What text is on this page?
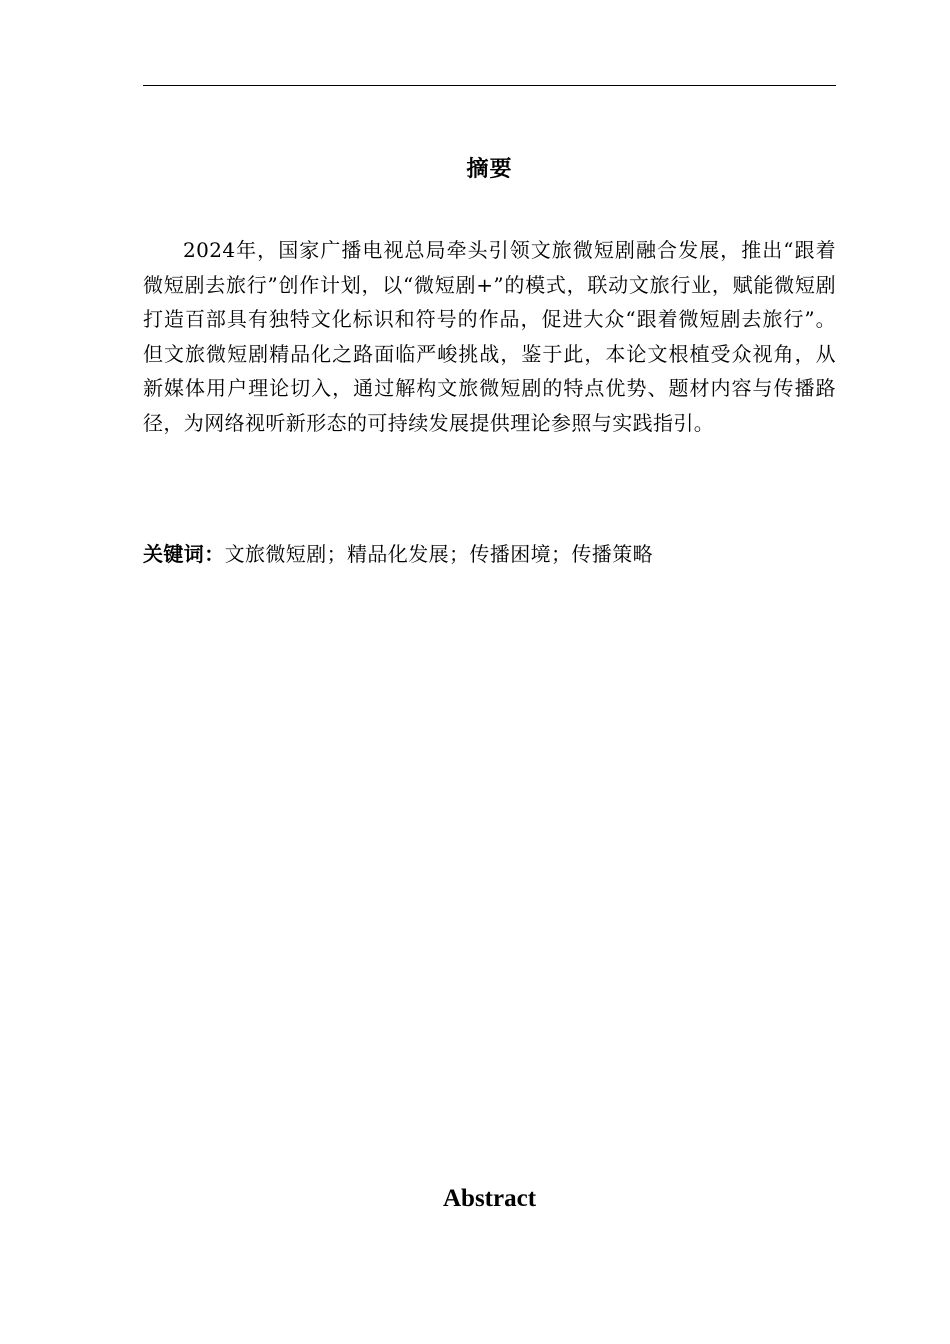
摘要

2024年，国家广播电视总局牵头引领文旅微短剧融合发展，推出“跟着微短剧去旅行”创作计划，以“微短剧+”的模式，联动文旅行业，赋能微短剧打造百部具有独特文化标识和符号的作品，促进大众“跟着微短剧去旅行”。但文旅微短剧精品化之路面临严峻挑战，鉴于此，本论文根植受众视角，从新媒体用户理论切入，通过解构文旅微短剧的特点优势、题材内容与传播路径，为网络视听新形态的可持续发展提供理论参照与实践指引。

关键词：文旅微短剧；精品化发展；传播困境；传播策略

Abstract
